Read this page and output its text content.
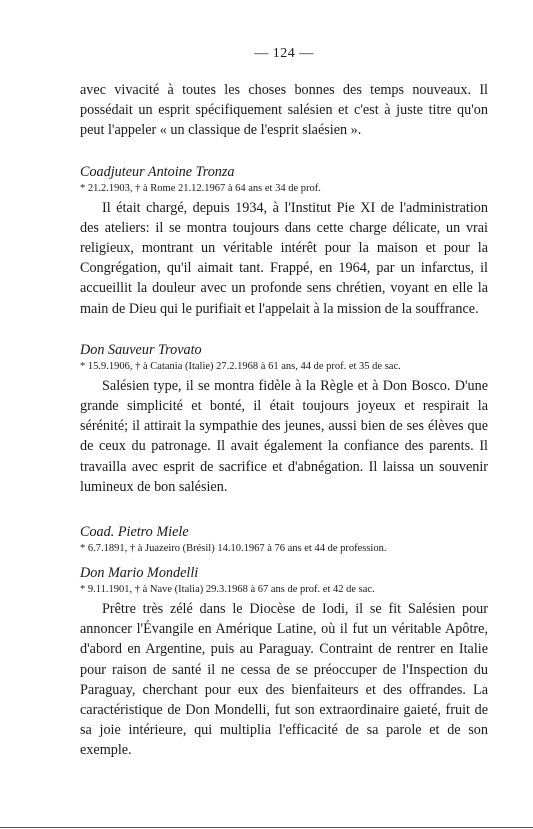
— 124 —

avec vivacité à toutes les choses bonnes des temps nouveaux. Il possédait un esprit spécifiquement salésien et c'est à juste titre qu'on peut l'appeler « un classique de l'esprit slaésien ».

Coadjuteur Antoine Tronza
* 21.2.1903, † à Rome 21.12.1967 à 64 ans et 34 de prof.

Il était chargé, depuis 1934, à l'Institut Pie XI de l'administration des ateliers: il se montra toujours dans cette charge délicate, un vrai religieux, montrant un véritable intérêt pour la maison et pour la Congrégation, qu'il aimait tant. Frappé, en 1964, par un infarctus, il accueillit la douleur avec un profonde sens chrétien, voyant en elle la main de Dieu qui le purifiait et l'appelait à la mission de la souffrance.

Don Sauveur Trovato
* 15.9.1906, † à Catania (Italie) 27.2.1968 à 61 ans, 44 de prof. et 35 de sac.

Salésien type, il se montra fidèle à la Règle et à Don Bosco. D'une grande simplicité et bonté, il était toujours joyeux et respirait la sérénité; il attirait la sympathie des jeunes, aussi bien de ses élèves que de ceux du patronage. Il avait également la confiance des parents. Il travailla avec esprit de sacrifice et d'abnégation. Il laissa un souvenir lumineux de bon salésien.

Coad. Pietro Miele
* 6.7.1891, † à Juazeiro (Brésil) 14.10.1967 à 76 ans et 44 de profession.
Don Mario Mondelli
* 9.11.1901, † à Nave (Italia) 29.3.1968 à 67 ans de prof. et 42 de sac.

Prêtre très zélé dans le Diocèse de Iodi, il se fit Salésien pour annoncer l'Évangile en Amérique Latine, où il fut un véritable Apôtre, d'abord en Argentine, puis au Paraguay. Contraint de rentrer en Italie pour raison de santé il ne cessa de se préoccuper de l'Inspection du Paraguay, cherchant pour eux des bienfaiteurs et des offrandes. La caractéristique de Don Mondelli, fut son extraordinaire gaieté, fruit de sa joie intérieure, qui multiplia l'efficacité de sa parole et de son exemple.
